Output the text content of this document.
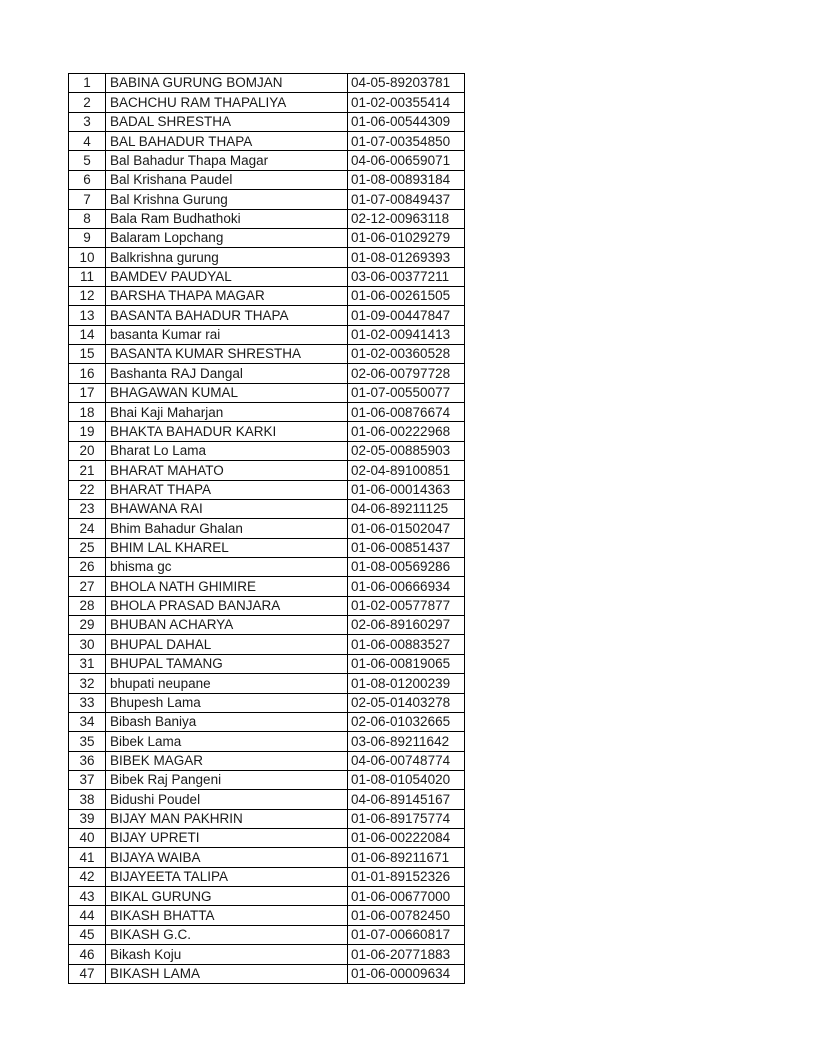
1	BABINA GURUNG BOMJAN	04-05-89203781
2	BACHCHU RAM THAPALIYA	01-02-00355414
3	BADAL SHRESTHA	01-06-00544309
4	BAL BAHADUR THAPA	01-07-00354850
5	Bal Bahadur Thapa Magar	04-06-00659071
6	Bal Krishana Paudel	01-08-00893184
7	Bal Krishna Gurung	01-07-00849437
8	Bala Ram Budhathoki	02-12-00963118
9	Balaram Lopchang	01-06-01029279
10	Balkrishna gurung	01-08-01269393
11	BAMDEV PAUDYAL	03-06-00377211
12	BARSHA THAPA MAGAR	01-06-00261505
13	BASANTA BAHADUR THAPA	01-09-00447847
14	basanta Kumar rai	01-02-00941413
15	BASANTA KUMAR SHRESTHA	01-02-00360528
16	Bashanta RAJ Dangal	02-06-00797728
17	BHAGAWAN KUMAL	01-07-00550077
18	Bhai Kaji Maharjan	01-06-00876674
19	BHAKTA BAHADUR KARKI	01-06-00222968
20	Bharat Lo Lama	02-05-00885903
21	BHARAT MAHATO	02-04-89100851
22	BHARAT THAPA	01-06-00014363
23	BHAWANA RAI	04-06-89211125
24	Bhim Bahadur Ghalan	01-06-01502047
25	BHIM LAL KHAREL	01-06-00851437
26	bhisma gc	01-08-00569286
27	BHOLA NATH GHIMIRE	01-06-00666934
28	BHOLA PRASAD BANJARA	01-02-00577877
29	BHUBAN ACHARYA	02-06-89160297
30	BHUPAL DAHAL	01-06-00883527
31	BHUPAL TAMANG	01-06-00819065
32	bhupati neupane	01-08-01200239
33	Bhupesh Lama	02-05-01403278
34	Bibash Baniya	02-06-01032665
35	Bibek Lama	03-06-89211642
36	BIBEK MAGAR	04-06-00748774
37	Bibek Raj Pangeni	01-08-01054020
38	Bidushi Poudel	04-06-89145167
39	BIJAY MAN PAKHRIN	01-06-89175774
40	BIJAY UPRETI	01-06-00222084
41	BIJAYA WAIBA	01-06-89211671
42	BIJAYEETA TALIPA	01-01-89152326
43	BIKAL GURUNG	01-06-00677000
44	BIKASH BHATTA	01-06-00782450
45	BIKASH G.C.	01-07-00660817
46	Bikash Koju	01-06-20771883
47	BIKASH LAMA	01-06-00009634
